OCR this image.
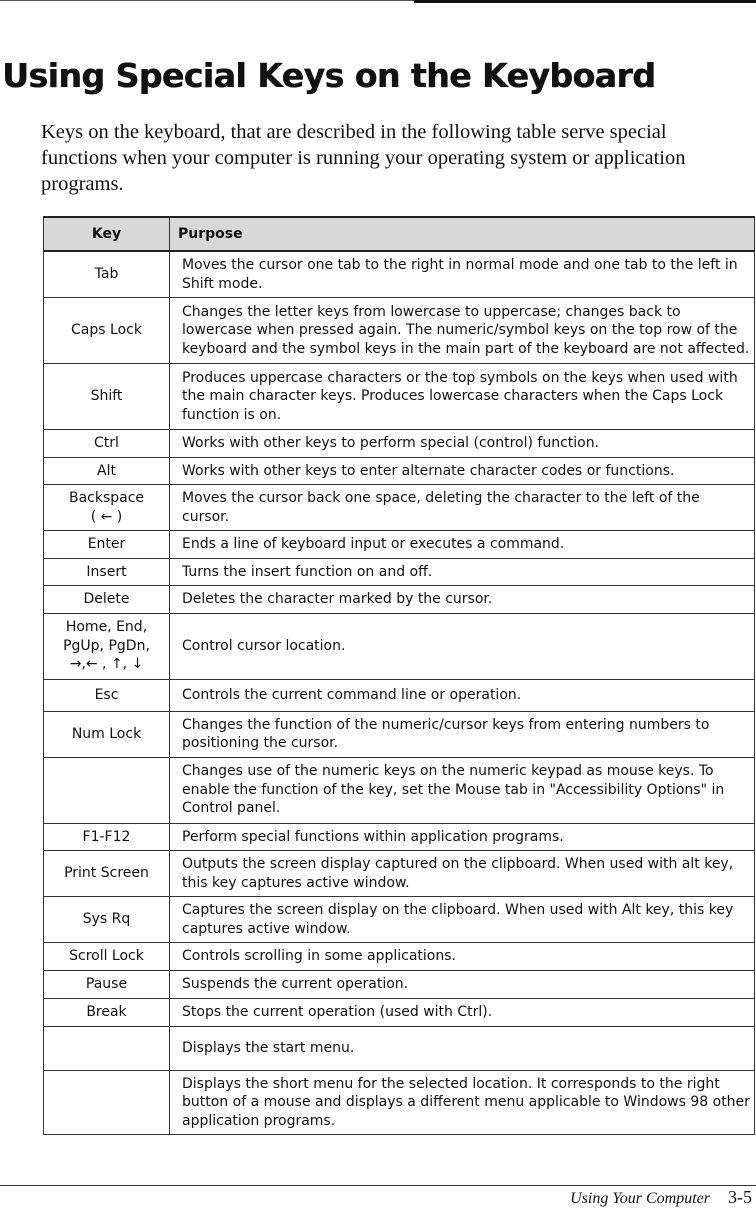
Using Special Keys on the Keyboard

Keys on the keyboard, that are described in the following table serve special functions when your computer is running your operating system or application programs.

Key	Purpose
Tab	Moves the cursor one tab to the right in normal mode and one tab to the left in Shift mode.
Caps Lock	Changes the letter keys from lowercase to uppercase; changes back to lowercase when pressed again. The numeric/symbol keys on the top row of the keyboard and the symbol keys in the main part of the keyboard are not affected.
Shift	Produces uppercase characters or the top symbols on the keys when used with the main character keys. Produces lowercase characters when the Caps Lock function is on.
Ctrl	Works with other keys to perform special (control) function.
Alt	Works with other keys to enter alternate character codes or functions.
Backspace
( ← )	Moves the cursor back one space, deleting the character to the left of the cursor.
Enter	Ends a line of keyboard input or executes a command.
Insert	Turns the insert function on and off.
Delete	Deletes the character marked by the cursor.
Home, End,
PgUp, PgDn,
→,← , ↑, ↓	Control cursor location.
Esc	Controls the current command line or operation.
Num Lock	Changes the function of the numeric/cursor keys from entering numbers to positioning the cursor.
	Changes use of the numeric keys on the numeric keypad as mouse keys. To enable the function of the key, set the Mouse tab in "Accessibility Options" in Control panel.
F1-F12	Perform special functions within application programs.
Print Screen	Outputs the screen display captured on the clipboard. When used with alt key, this key captures active window.
Sys Rq	Captures the screen display on the clipboard. When used with Alt key, this key captures active window.
Scroll Lock	Controls scrolling in some applications.
Pause	Suspends the current operation.
Break	Stops the current operation (used with Ctrl).
	Displays the start menu.
	Displays the short menu for the selected location. It corresponds to the right button of a mouse and displays a different menu applicable to Windows 98 other application programs.
Using Your Computer 3-5
